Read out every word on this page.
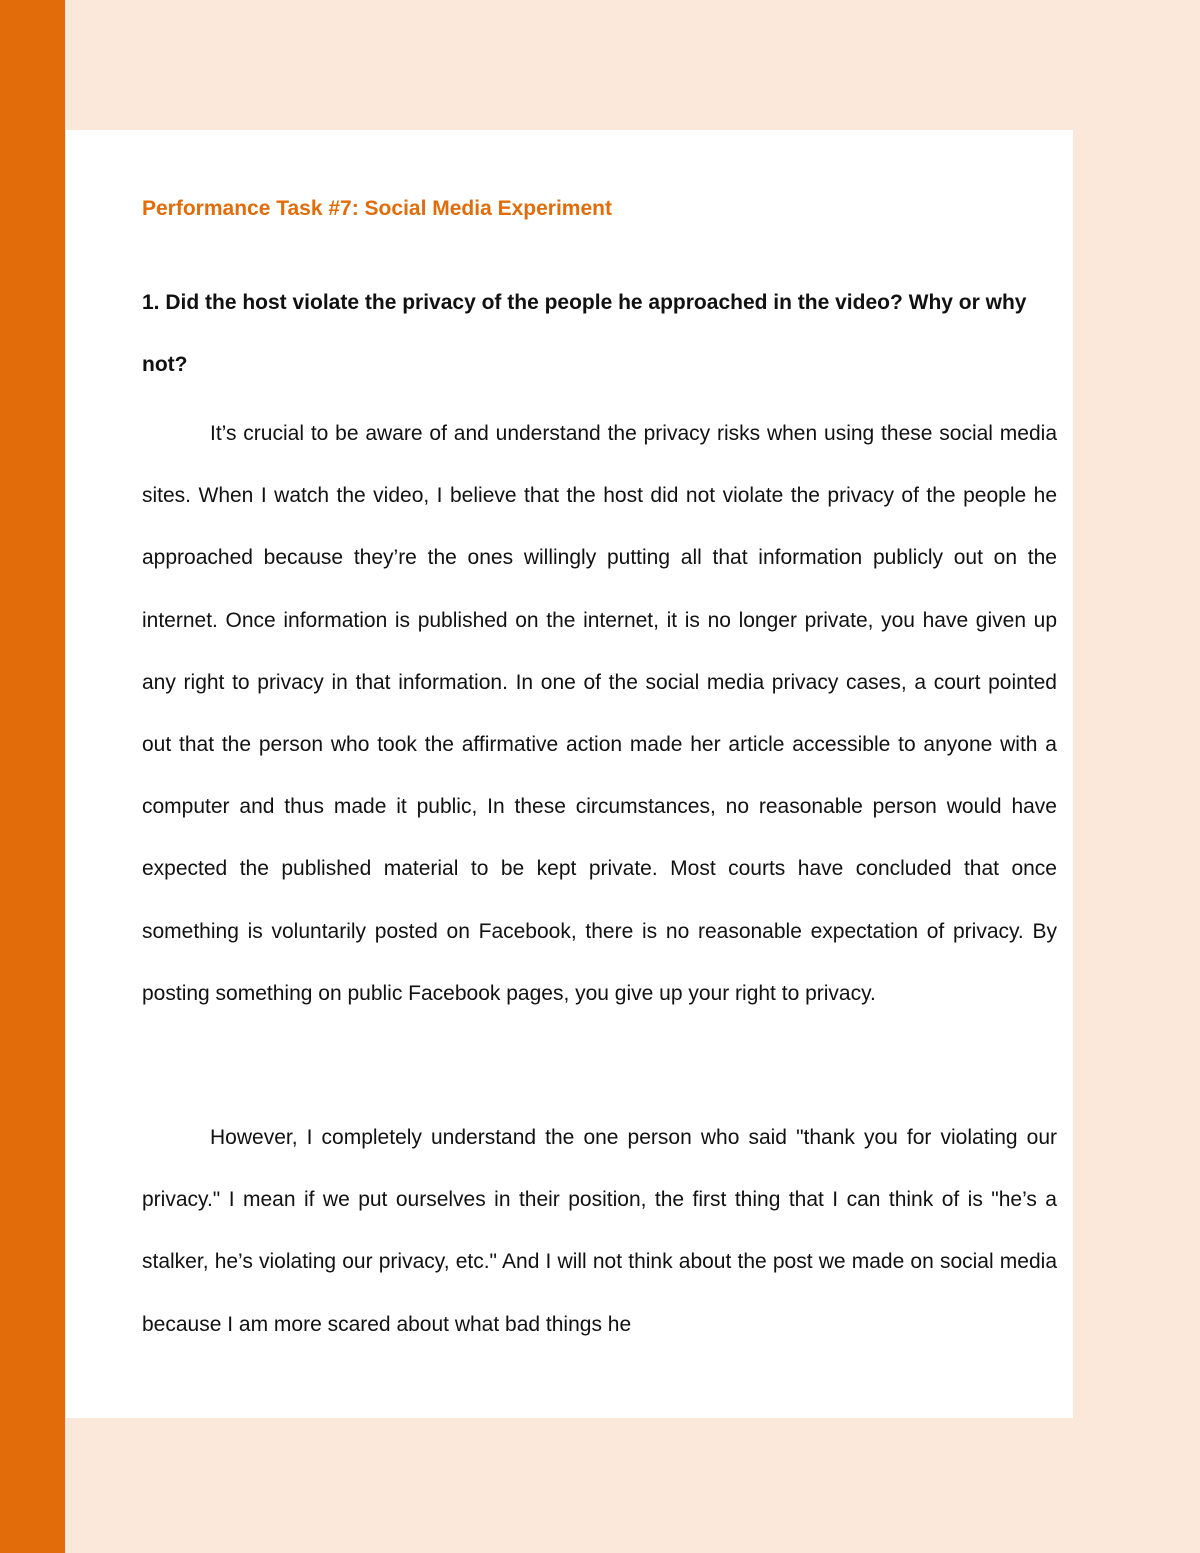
Performance Task #7: Social Media Experiment

1. Did the host violate the privacy of the people he approached in the video? Why or why not?

It’s crucial to be aware of and understand the privacy risks when using these social media sites. When I watch the video, I believe that the host did not violate the privacy of the people he approached because they’re the ones willingly putting all that information publicly out on the internet. Once information is published on the internet, it is no longer private, you have given up any right to privacy in that information. In one of the social media privacy cases, a court pointed out that the person who took the affirmative action made her article accessible to anyone with a computer and thus made it public, In these circumstances, no reasonable person would have expected the published material to be kept private. Most courts have concluded that once something is voluntarily posted on Facebook, there is no reasonable expectation of privacy. By posting something on public Facebook pages, you give up your right to privacy.

However, I completely understand the one person who said "thank you for violating our privacy." I mean if we put ourselves in their position, the first thing that I can think of is "he’s a stalker, he’s violating our privacy, etc." And I will not think about the post we made on social media because I am more scared about what bad things he
